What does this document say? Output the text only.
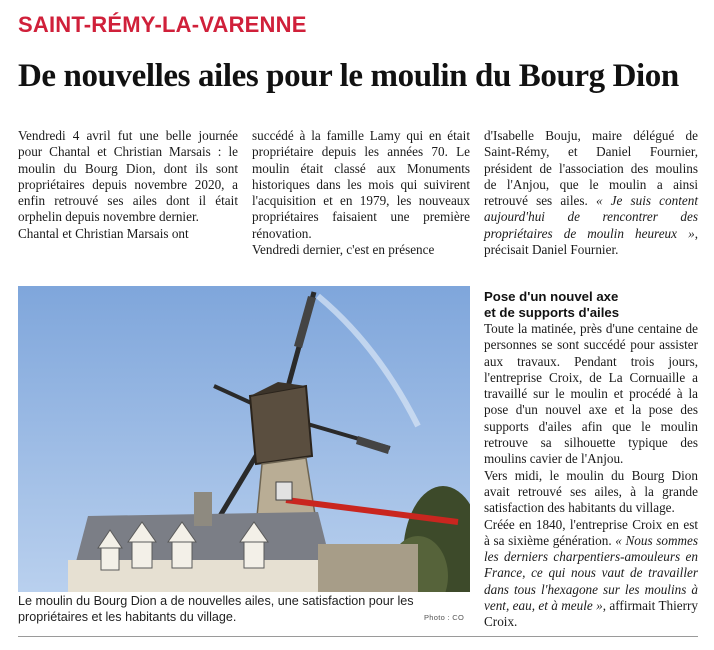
SAINT-RÉMY-LA-VARENNE
De nouvelles ailes pour le moulin du Bourg Dion

Vendredi 4 avril fut une belle journée pour Chantal et Christian Marsais : le moulin du Bourg Dion, dont ils sont propriétaires depuis novembre 2020, a enfin retrouvé ses ailes dont il était orphelin depuis novembre dernier.

Chantal et Christian Marsais ont

succédé à la famille Lamy qui en était propriétaire depuis les années 70. Le moulin était classé aux Monuments historiques dans les mois qui suivirent l'acquisition et en 1979, les nouveaux propriétaires faisaient une première rénovation.

Vendredi dernier, c'est en présence

d'Isabelle Bouju, maire délégué de Saint-Rémy, et Daniel Fournier, président de l'association des moulins de l'Anjou, que le moulin a ainsi retrouvé ses ailes. « Je suis content aujourd'hui de rencontrer des propriétaires de moulin heureux », précisait Daniel Fournier.

Pose d'un nouvel axe
et de supports d'ailes

Toute la matinée, près d'une centaine de personnes se sont succédé pour assister aux travaux. Pendant trois jours, l'entreprise Croix, de La Cornuaille a travaillé sur le moulin et procédé à la pose d'un nouvel axe et la pose des supports d'ailes afin que le moulin retrouve sa silhouette typique des moulins cavier de l'Anjou.

Vers midi, le moulin du Bourg Dion avait retrouvé ses ailes, à la grande satisfaction des habitants du village.

Créée en 1840, l'entreprise Croix en est à sa sixième génération. « Nous sommes les derniers charpentiers-amouleurs en France, ce qui nous vaut de travailler dans tous l'hexagone sur les moulins à vent, eau, et à meule », affirmait Thierry Croix.

Le moulin du Bourg Dion a de nouvelles ailes, une satisfaction pour les propriétaires et les habitants du village.	Photo : CO
